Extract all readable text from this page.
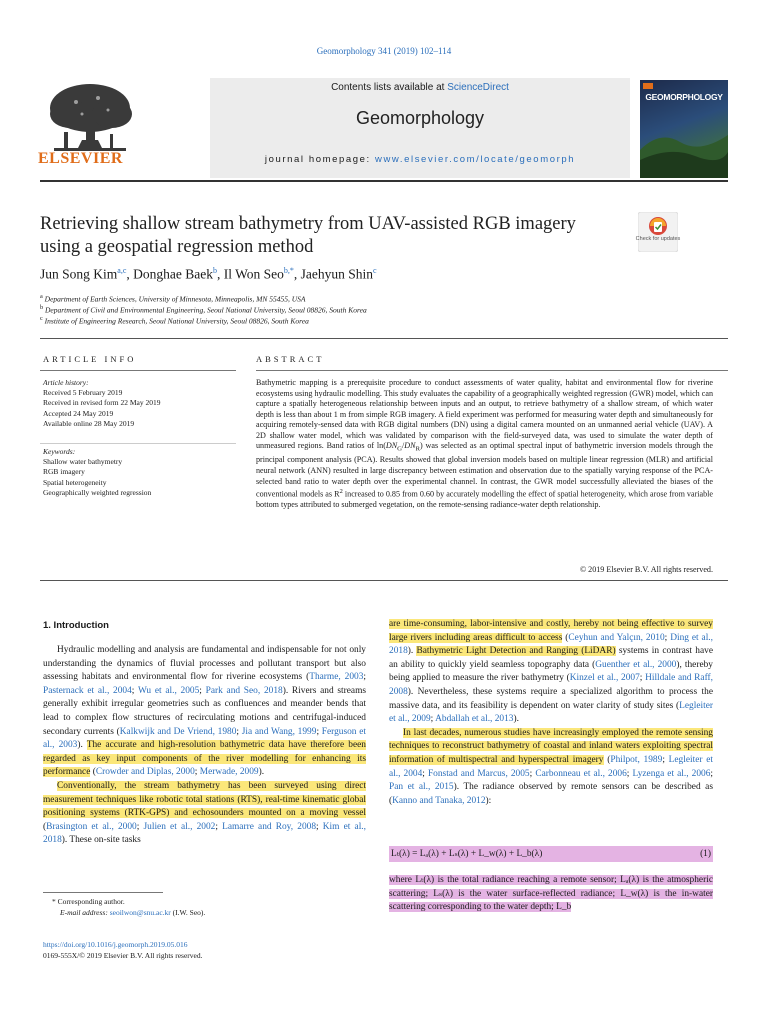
Geomorphology 341 (2019) 102–114
Contents lists available at ScienceDirect
Geomorphology
journal homepage: www.elsevier.com/locate/geomorph
ELSEVIER
GEOMORPHOLOGY
Retrieving shallow stream bathymetry from UAV-assisted RGB imagery using a geospatial regression method	Check for updates
Jun Song Kim$^{a,c}$, Donghae Baek$^b$, Il Won Seo$^{b,*}$, Jaehyun Shin$^c$
$^a$ Department of Earth Sciences, University of Minnesota, Minneapolis, MN 55455, USA
$^b$ Department of Civil and Environmental Engineering, Seoul National University, Seoul 08826, South Korea
$^c$ Institute of Engineering Research, Seoul National University, Seoul 08826, South Korea
ARTICLE INFO	ABSTRACT
Article history:
Received 5 February 2019
Received in revised form 22 May 2019
Accepted 24 May 2019
Available online 28 May 2019
Keywords:
Shallow water bathymetry
RGB imagery
Spatial heterogeneity
Geographically weighted regression
Bathymetric mapping is a prerequisite procedure to conduct assessments of water quality, habitat and environmental flow for riverine ecosystems using hydraulic modelling. This study evaluates the capability of a geographically weighted regression (GWR) model, which can capture a spatially heterogeneous relationship between inputs and an output, to retrieve bathymetry of a shallow stream, of which water depth is less than about 1 m from simple RGB imagery. A field experiment was performed for measuring water depth and simultaneously for acquiring remotely-sensed data with RGB digital numbers (DN) using a digital camera mounted on an unmanned aerial vehicle (UAV). A 2D shallow water model, which was validated by comparison with the field-surveyed data, was used to simulate the water depth of unmeasured regions. Band ratios of $\ln(DN_G/DN_R)$ was selected as an optimal spectral input of bathymetric inversion models through the principal component analysis (PCA). Results showed that global inversion models based on multiple linear regression (MLR) and artificial neural network (ANN) resulted in large discrepancy between estimation and observation due to the spatially varying response of the PCA-selected band ratio to water depth over the experimental channel. In contrast, the GWR model successfully alleviated the biases of the conventional models as $R^2$ increased to 0.85 from 0.60 by accurately modelling the effect of spatial heterogeneity, which arose from variable bottom types attributed to submerged vegetation, on the remote-sensing radiance-water depth relationship.
© 2019 Elsevier B.V. All rights reserved.
1. Introduction

Hydraulic modelling and analysis are fundamental and indispensable for not only understanding the dynamics of fluvial processes and pollutant transport but also assessing habitats and environmental flow for riverine ecosystems (Tharme, 2003; Pasternack et al., 2004; Wu et al., 2005; Park and Seo, 2018). Rivers and streams generally exhibit irregular geometries such as confluences and meander bends that lead to complex flow structures of recirculating motions and centrifugal-induced secondary currents (Kalkwijk and De Vriend, 1980; Jia and Wang, 1999; Ferguson et al., 2003). The accurate and high-resolution bathymetric data have therefore been regarded as key input components of the river modelling for enhancing its performance (Crowder and Diplas, 2000; Merwade, 2009).

Conventionally, the stream bathymetry has been surveyed using direct measurement techniques like robotic total stations (RTS), real-time kinematic global positioning systems (RTK-GPS) and echosounders mounted on a moving vessel (Brasington et al., 2000; Julien et al., 2002; Lamarre and Roy, 2008; Kim et al., 2018). These on-site tasks

are time-consuming, labor-intensive and costly, hereby not being effective to survey large rivers including areas difficult to access (Ceyhun and Yalçın, 2010; Ding et al., 2018). Bathymetric Light Detection and Ranging (LiDAR) systems in contrast have an ability to quickly yield seamless topography data (Guenther et al., 2000), thereby being applied to measure the river bathymetry (Kinzel et al., 2007; Hilldale and Raff, 2008). Nevertheless, these systems require a specialized algorithm to process the massive data, and its feasibility is dependent on water clarity of study sites (Legleiter et al., 2009; Abdallah et al., 2013).

In last decades, numerous studies have increasingly employed the remote sensing techniques to reconstruct bathymetry of coastal and inland waters exploiting spectral information of multispectral and hyperspectral imagery (Philpot, 1989; Legleiter et al., 2004; Fonstad and Marcus, 2005; Carbonneau et al., 2006; Lyzenga et al., 2006; Pan et al., 2015). The radiance observed by remote sensors can be described as (Kanno and Tanaka, 2012):

Lₜ(λ) = Lₐ(λ) + Lₛ(λ) + L_w(λ) + L_b(λ)	(1)
where Lₜ(λ) is the total radiance reaching a remote sensor; Lₐ(λ) is the atmospheric scattering; Lₛ(λ) is the water surface-reflected radiance; L_w(λ) is the in-water scattering corresponding to the water depth; L_b
* Corresponding author.
E-mail address: seoilwon@snu.ac.kr (I.W. Seo).
https://doi.org/10.1016/j.geomorph.2019.05.016
0169-555X/© 2019 Elsevier B.V. All rights reserved.
